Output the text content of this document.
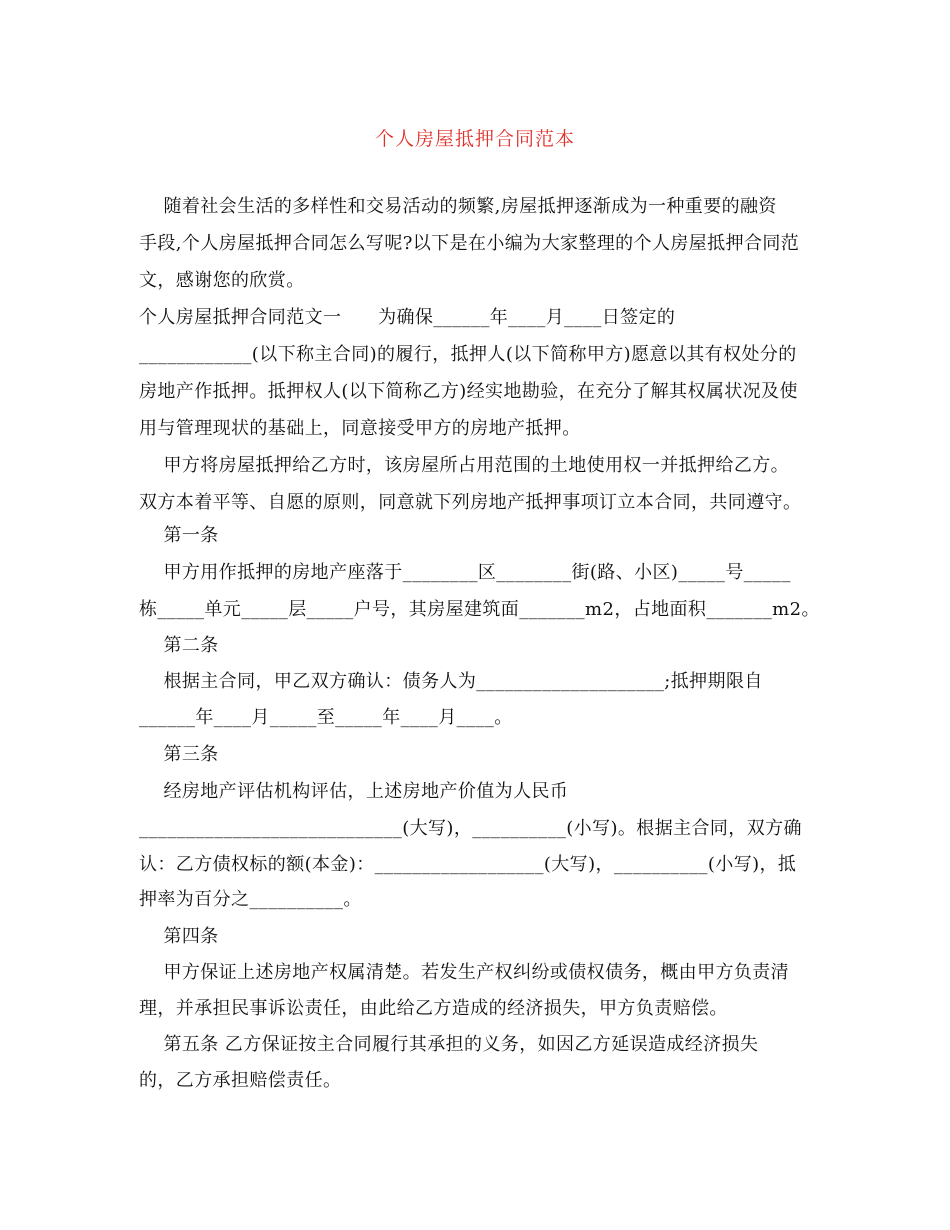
个人房屋抵押合同范本
随着社会生活的多样性和交易活动的频繁,房屋抵押逐渐成为一种重要的融资
手段,个人房屋抵押合同怎么写呢?以下是在小编为大家整理的个人房屋抵押合同范
文，感谢您的欣赏。
个人房屋抵押合同范文一      为确保______年____月____日签定的
____________(以下称主合同)的履行，抵押人(以下简称甲方)愿意以其有权处分的
房地产作抵押。抵押权人(以下简称乙方)经实地勘验，在充分了解其权属状况及使
用与管理现状的基础上，同意接受甲方的房地产抵押。
甲方将房屋抵押给乙方时，该房屋所占用范围的土地使用权一并抵押给乙方。
双方本着平等、自愿的原则，同意就下列房地产抵押事项订立本合同，共同遵守。
第一条
甲方用作抵押的房地产座落于________区________街(路、小区)_____号_____
栋_____单元_____层_____户号，其房屋建筑面_______m2，占地面积_______m2。
第二条
根据主合同，甲乙双方确认：债务人为____________________;抵押期限自
______年____月_____至_____年____月____。
第三条
经房地产评估机构评估，上述房地产价值为人民币
____________________________(大写)，__________(小写)。根据主合同，双方确
认：乙方债权标的额(本金)：__________________(大写)，__________(小写)，抵
押率为百分之__________。
第四条
甲方保证上述房地产权属清楚。若发生产权纠纷或债权债务，概由甲方负责清
理，并承担民事诉讼责任，由此给乙方造成的经济损失，甲方负责赔偿。
第五条 乙方保证按主合同履行其承担的义务，如因乙方延误造成经济损失
的，乙方承担赔偿责任。
